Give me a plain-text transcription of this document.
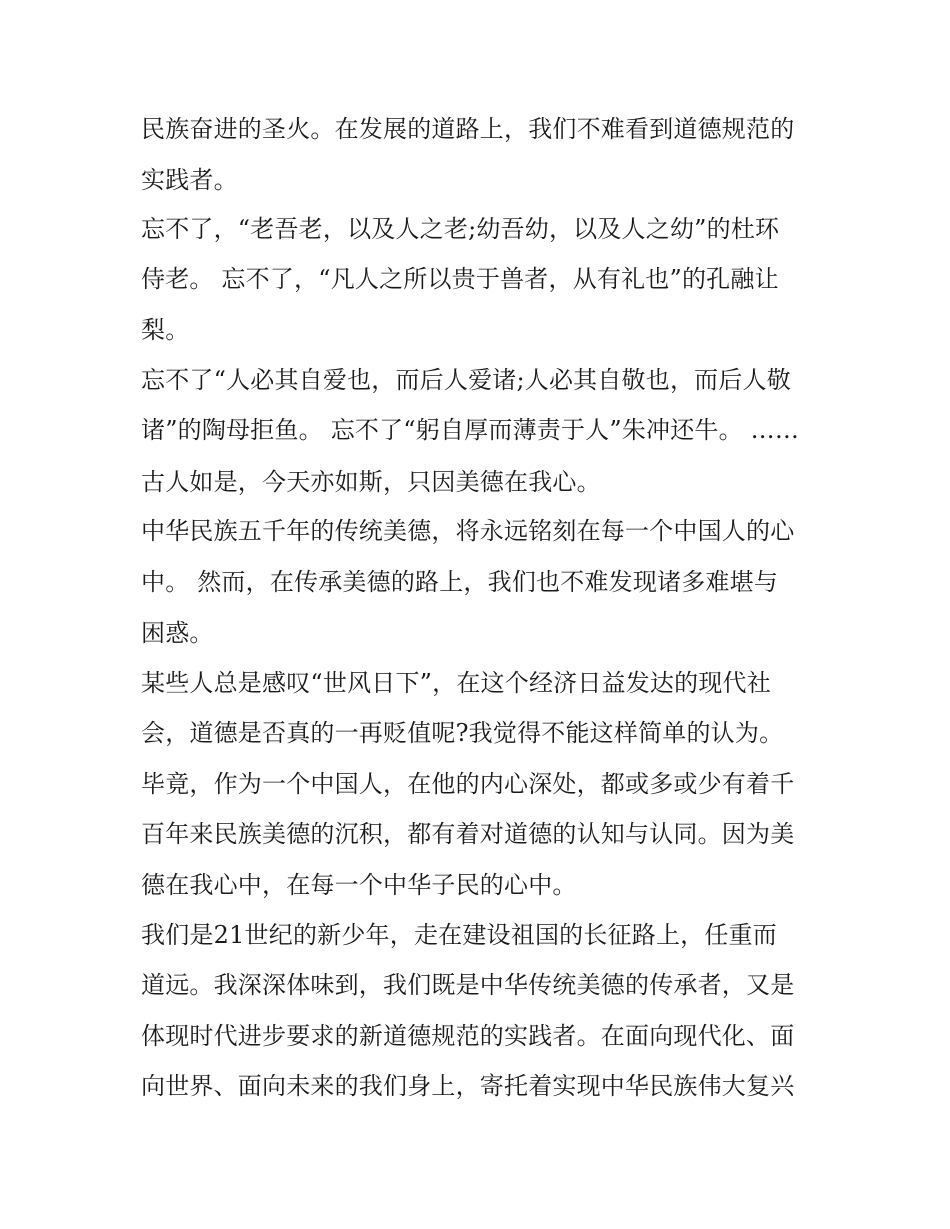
民族奋进的圣火。在发展的道路上，我们不难看到道德规范的
实践者。
忘不了，“老吾老，以及人之老;幼吾幼，以及人之幼”的杜环
侍老。 忘不了，“凡人之所以贵于兽者，从有礼也”的孔融让
梨。
忘不了“人必其自爱也，而后人爱诸;人必其自敬也，而后人敬
诸”的陶母拒鱼。 忘不了“躬自厚而薄责于人”朱冲还牛。 ……
古人如是，今天亦如斯，只因美德在我心。
中华民族五千年的传统美德，将永远铭刻在每一个中国人的心
中。 然而，在传承美德的路上，我们也不难发现诸多难堪与
困惑。
某些人总是感叹“世风日下”，在这个经济日益发达的现代社
会，道德是否真的一再贬值呢?我觉得不能这样简单的认为。
毕竟，作为一个中国人，在他的内心深处，都或多或少有着千
百年来民族美德的沉积，都有着对道德的认知与认同。因为美
德在我心中，在每一个中华子民的心中。
我们是21世纪的新少年，走在建设祖国的长征路上，任重而
道远。我深深体味到，我们既是中华传统美德的传承者，又是
体现时代进步要求的新道德规范的实践者。在面向现代化、面
向世界、面向未来的我们身上，寄托着实现中华民族伟大复兴
